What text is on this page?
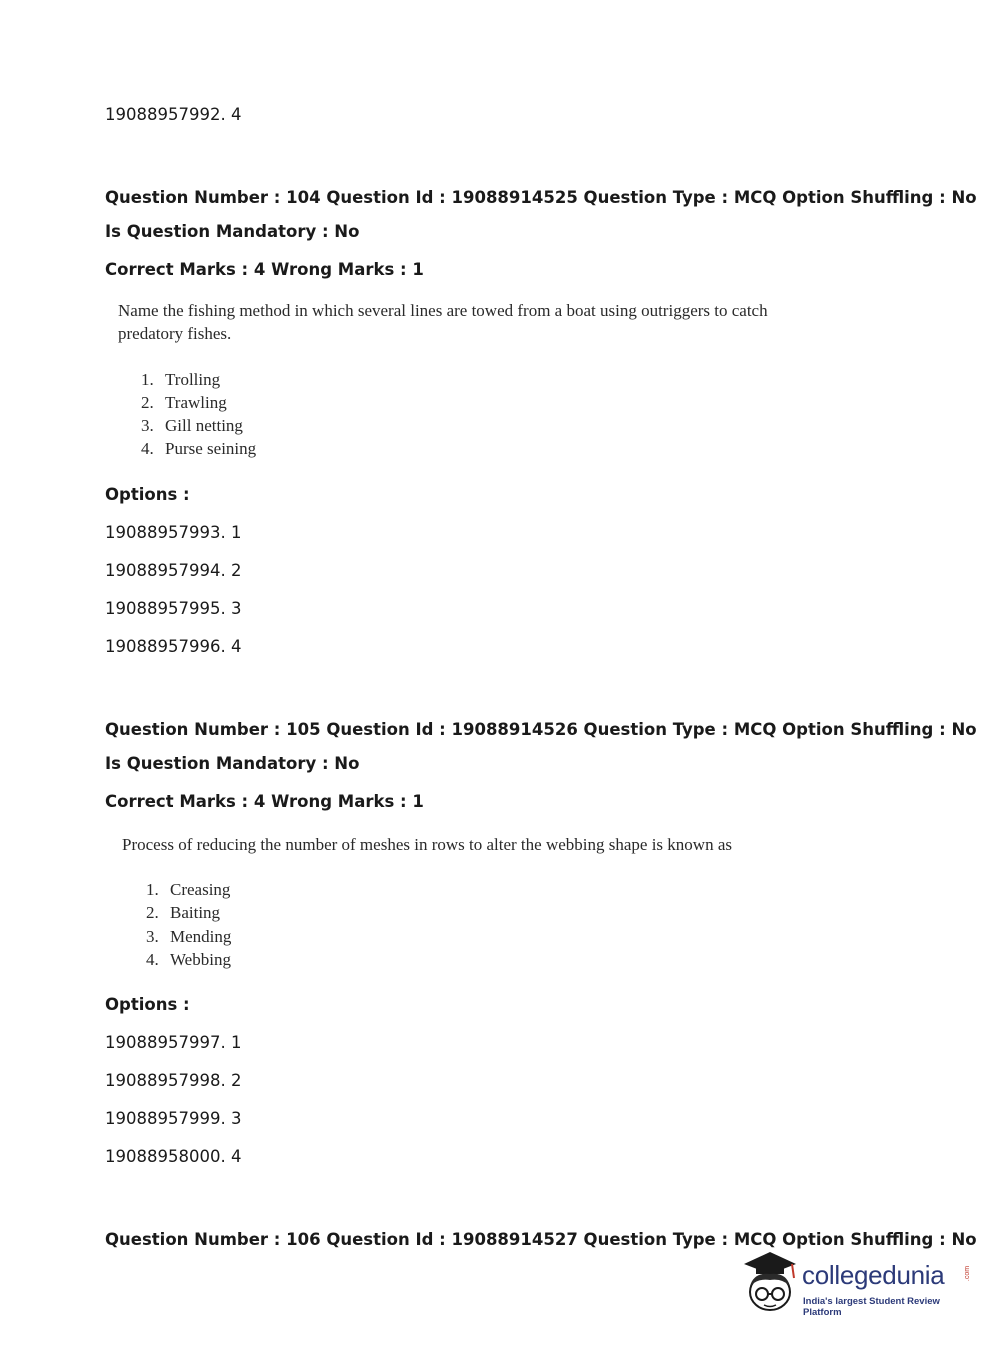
19088957992. 4
Question Number : 104 Question Id : 19088914525 Question Type : MCQ Option Shuffling : No
Is Question Mandatory : No
Correct Marks : 4 Wrong Marks : 1
Name the fishing method in which several lines are towed from a boat using outriggers to catch
predatory fishes.
1. Trolling
2. Trawling
3. Gill netting
4. Purse seining
Options :
19088957993. 1
19088957994. 2
19088957995. 3
19088957996. 4
Question Number : 105 Question Id : 19088914526 Question Type : MCQ Option Shuffling : No
Is Question Mandatory : No
Correct Marks : 4 Wrong Marks : 1
Process of reducing the number of meshes in rows to alter the webbing shape is known as
1. Creasing
2. Baiting
3. Mending
4. Webbing
Options :
19088957997. 1
19088957998. 2
19088957999. 3
19088958000. 4
Question Number : 106 Question Id : 19088914527 Question Type : MCQ Option Shuffling : No
collegedunia	.com
India's largest Student Review Platform
